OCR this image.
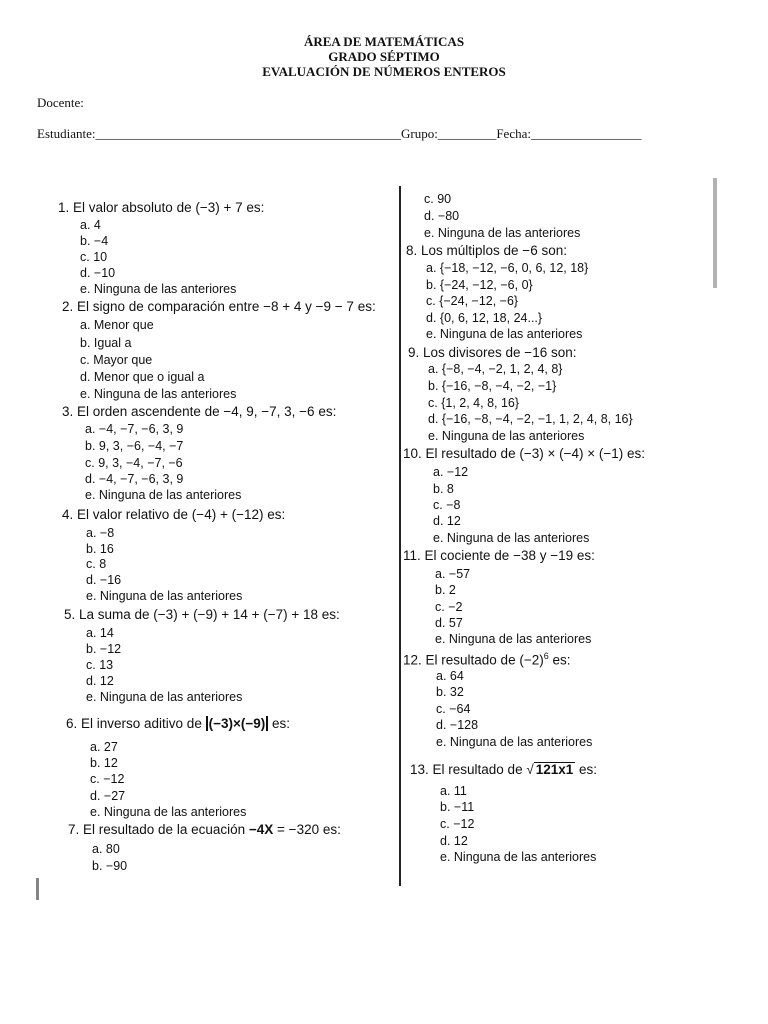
ÁREA DE MATEMÁTICAS
GRADO SÉPTIMO
EVALUACIÓN DE NÚMEROS ENTEROS
Docente:
Estudiante:_______________________________________________Grupo:_________Fecha:_________________
1. El valor absoluto de (−3) + 7 es:
a. 4
b. −4
c. 10
d. −10
e. Ninguna de las anteriores
2. El signo de comparación entre −8 + 4 y −9 − 7 es:
a. Menor que
b. Igual a
c. Mayor que
d. Menor que o igual a
e. Ninguna de las anteriores
3. El orden ascendente de −4, 9, −7, 3, −6 es:
a. −4, −7, −6, 3, 9
b. 9, 3, −6, −4, −7
c. 9, 3, −4, −7, −6
d. −4, −7, −6, 3, 9
e. Ninguna de las anteriores
4. El valor relativo de (−4) + (−12) es:
a. −8
b. 16
c. 8
d. −16
e. Ninguna de las anteriores
5. La suma de (−3) + (−9) + 14 + (−7) + 18 es:
a. 14
b. −12
c. 13
d. 12
e. Ninguna de las anteriores
6. El inverso aditivo de (−3)×(−9) es:
a. 27
b. 12
c. −12
d. −27
e. Ninguna de las anteriores
7. El resultado de la ecuación −4X = −320 es:
a. 80
b. −90
c. 90
d. −80
e. Ninguna de las anteriores
8. Los múltiplos de −6 son:
a. {−18, −12, −6, 0, 6, 12, 18}
b. {−24, −12, −6, 0}
c. {−24, −12, −6}
d. {0, 6, 12, 18, 24...}
e. Ninguna de las anteriores
9. Los divisores de −16 son:
a. {−8, −4, −2, 1, 2, 4, 8}
b. {−16, −8, −4, −2, −1}
c. {1, 2, 4, 8, 16}
d. {−16, −8, −4, −2, −1, 1, 2, 4, 8, 16}
e. Ninguna de las anteriores
10. El resultado de (−3) × (−4) × (−1) es:
a. −12
b. 8
c. −8
d. 12
e. Ninguna de las anteriores
11. El cociente de −38 y −19 es:
a. −57
b. 2
c. −2
d. 57
e. Ninguna de las anteriores
12. El resultado de $(-2)^6$ es:
a. 64
b. 32
c. −64
d. −128
e. Ninguna de las anteriores
13. El resultado de √ 121x1 es:
a. 11
b. −11
c. −12
d. 12
e. Ninguna de las anteriores
